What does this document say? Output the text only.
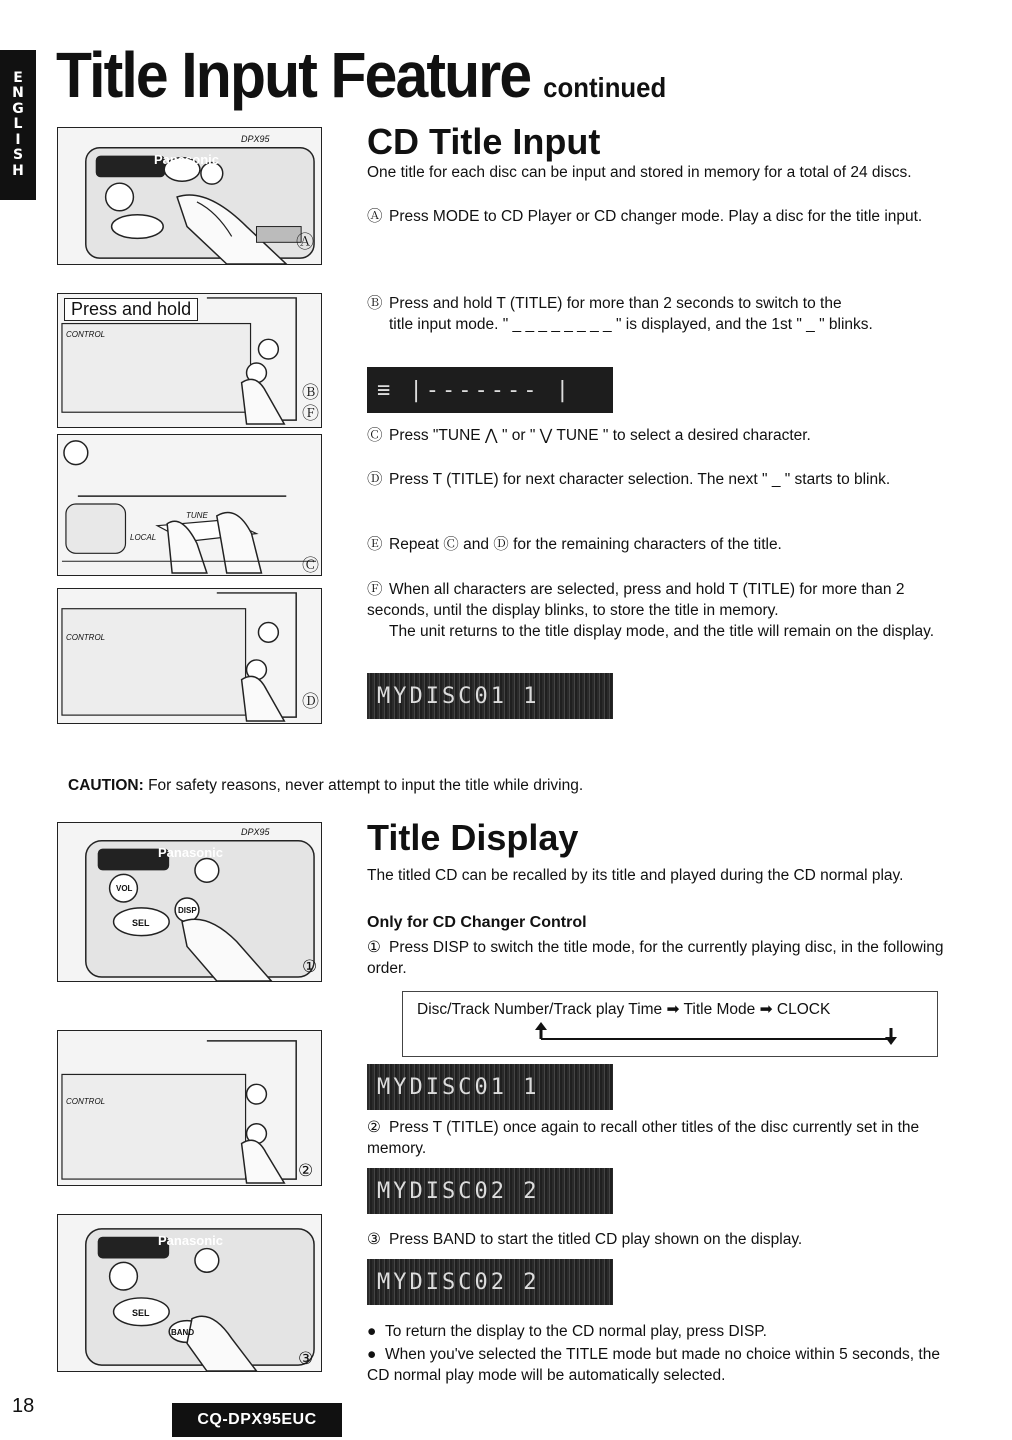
E
N
G
L
I
S
H
Title Input Feature continued
Panasonic
DPX95
Ⓐ
Press and hold
CONTROL
Ⓑ
Ⓕ
TUNE
LOCAL
Ⓒ
CONTROL
Ⓓ
CD Title Input

One title for each disc can be input and stored in memory for a total of 24 discs.

Ⓐ Press MODE to CD Player or CD changer mode. Play a disc for the title input.
Ⓑ Press and hold T (TITLE) for more than 2 seconds to switch to the
title input mode. " _ _ _ _ _ _ _ _ " is displayed, and the 1st " _ " blinks.
≡ |------- |
Ⓒ Press "TUNE ⋀ " or " ⋁ TUNE " to select a desired character.
Ⓓ Press T (TITLE) for next character selection. The next " _ " starts to blink.
Ⓔ Repeat Ⓒ and Ⓓ for the remaining characters of the title.
Ⓕ When all characters are selected, press and hold T (TITLE) for more than 2 seconds, until the display blinks, to store the title in memory.
The unit returns to the title display mode, and the title will remain on the display.
MYDISC01 1
CAUTION: For safety reasons, never attempt to input the title while driving.
Panasonic
DPX95
SEL
VOL
DISP
①
CONTROL
②
Panasonic
SEL
BAND
③
Title Display

The titled CD can be recalled by its title and played during the CD normal play.

Only for CD Changer Control
① Press DISP to switch the title mode, for the currently playing disc, in the following order.
Disc/Track Number/Track play Time ➡ Title Mode ➡ CLOCK
MYDISC01 1
② Press T (TITLE) once again to recall other titles of the disc currently set in the memory.
MYDISC02 2
③ Press BAND to start the titled CD play shown on the display.
MYDISC02 2
● To return the display to the CD normal play, press DISP.
● When you've selected the TITLE mode but made no choice within 5 seconds, the CD normal play mode will be automatically selected.
18
CQ-DPX95EUC
